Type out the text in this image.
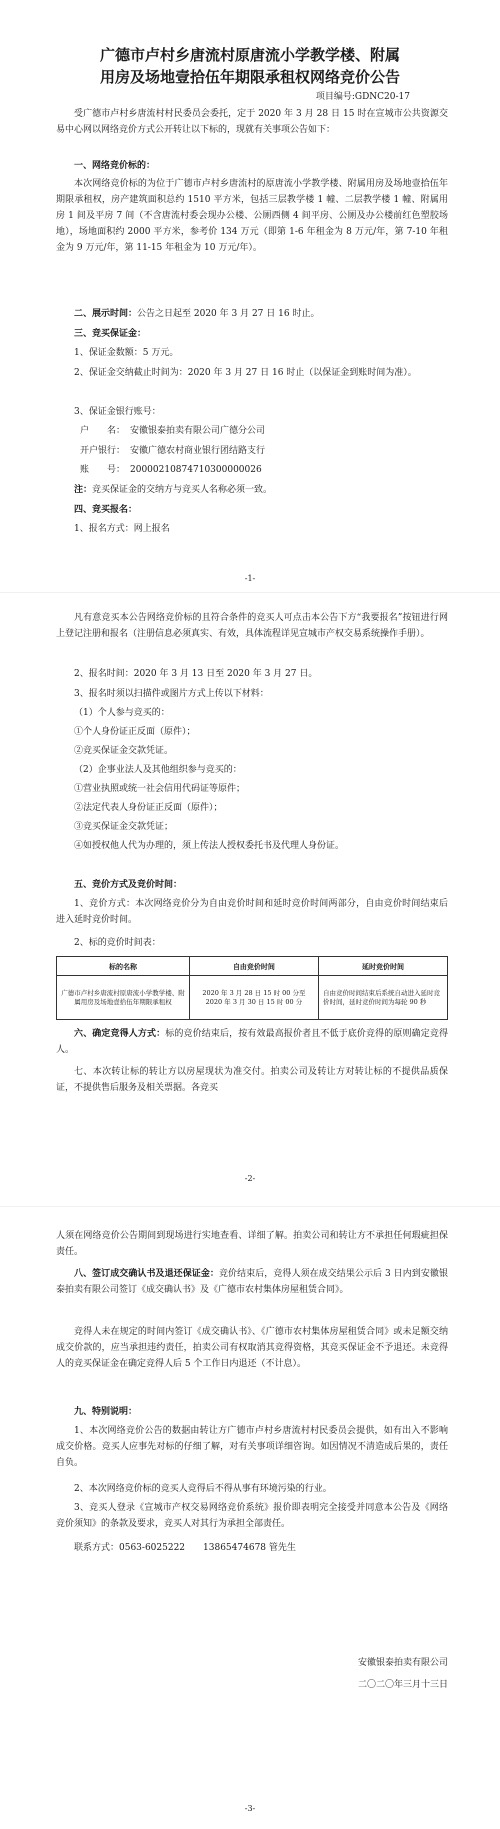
广德市卢村乡唐流村原唐流小学教学楼、附属

用房及场地壹拾伍年期限承租权网络竞价公告

项目编号:GDNC20-17

受广德市卢村乡唐流村村民委员会委托，定于 2020 年 3 月 28 日 15 时在宣城市公共资源交易中心网以网络竞价方式公开转让以下标的，现就有关事项公告如下：

一、网络竞价标的：

本次网络竞价标的为位于广德市卢村乡唐流村的原唐流小学教学楼、附属用房及场地壹拾伍年期限承租权，房产建筑面积总约 1510 平方米，包括三层教学楼 1 幢、二层教学楼 1 幢、附属用房 1 间及平房 7 间（不含唐流村委会现办公楼、公厕西侧 4 间平房、公厕及办公楼前红色塑胶场地），场地面积约 2000 平方米，参考价 134 万元（即第 1-6 年租金为 8 万元/年，第 7-10 年租金为 9 万元/年，第 11-15 年租金为 10 万元/年）。

二、展示时间：公告之日起至 2020 年 3 月 27 日 16 时止。

三、竞买保证金：

1、保证金数额：5 万元。

2、保证金交纳截止时间为：2020 年 3 月 27 日 16 时止（以保证金到账时间为准）。

3、保证金银行账号：

户　　名： 安徽银泰拍卖有限公司广德分公司
开户银行： 安徽广德农村商业银行团结路支行
账　　号： 20000210874710300000026

注：竞买保证金的交纳方与竞买人名称必须一致。

四、竞买报名：

1、报名方式：网上报名

-1-

凡有意竞买本公告网络竞价标的且符合条件的竞买人可点击本公告下方“我要报名”按钮进行网上登记注册和报名（注册信息必须真实、有效，具体流程详见宣城市产权交易系统操作手册）。

2、报名时间：2020 年 3 月 13 日至 2020 年 3 月 27 日。

3、报名时须以扫描件或图片方式上传以下材料：

（1）个人参与竞买的：

①个人身份证正反面（原件）；

②竞买保证金交款凭证。

（2）企事业法人及其他组织参与竞买的：

①营业执照或统一社会信用代码证等原件；

②法定代表人身份证正反面（原件）；

③竞买保证金交款凭证；

④如授权他人代为办理的，须上传法人授权委托书及代理人身份证。

五、竞价方式及竞价时间：

1、竞价方式：本次网络竞价分为自由竞价时间和延时竞价时间两部分，自由竞价时间结束后进入延时竞价时间。

2、标的竞价时间表：

标的名称	自由竞价时间	延时竞价时间
广德市卢村乡唐流村原唐流小学教学楼、附属用房及场地壹拾伍年期限承租权	2020 年 3 月 28 日 15 时 00 分至 2020 年 3 月 30 日 15 时 00 分	自由竞价时间结束后系统自动进入延时竞价时间，延时竞价时间为每轮 90 秒

六、确定竞得人方式：标的竞价结束后，按有效最高报价者且不低于底价竞得的原则确定竞得人。

七、本次转让标的转让方以房屋现状为准交付。拍卖公司及转让方对转让标的不提供品质保证，不提供售后服务及相关票据。各竞买

-2-

人须在网络竞价公告期间到现场进行实地查看、详细了解。拍卖公司和转让方不承担任何瑕疵担保责任。

八、签订成交确认书及退还保证金：竞价结束后，竞得人须在成交结果公示后 3 日内到安徽银泰拍卖有限公司签订《成交确认书》及《广德市农村集体房屋租赁合同》。

竞得人未在规定的时间内签订《成交确认书》、《广德市农村集体房屋租赁合同》或未足额交纳成交价款的，应当承担违约责任，拍卖公司有权取消其竞得资格，其竞买保证金不予退还。未竞得人的竞买保证金在确定竞得人后 5 个工作日内退还（不计息）。

九、特别说明：

1、本次网络竞价公告的数据由转让方广德市卢村乡唐流村村民委员会提供，如有出入不影响成交价格。竞买人应事先对标的仔细了解，对有关事项详细咨询。如因情况不清造成后果的，责任自负。

2、本次网络竞价标的竞买人竞得后不得从事有环境污染的行业。

3、竞买人登录《宣城市产权交易网络竞价系统》报价即表明完全接受并同意本公告及《网络竞价须知》的条款及要求，竞买人对其行为承担全部责任。

联系方式：0563-6025222　　13865474678 管先生

安徽银泰拍卖有限公司
二〇二〇年三月十三日
-3-
